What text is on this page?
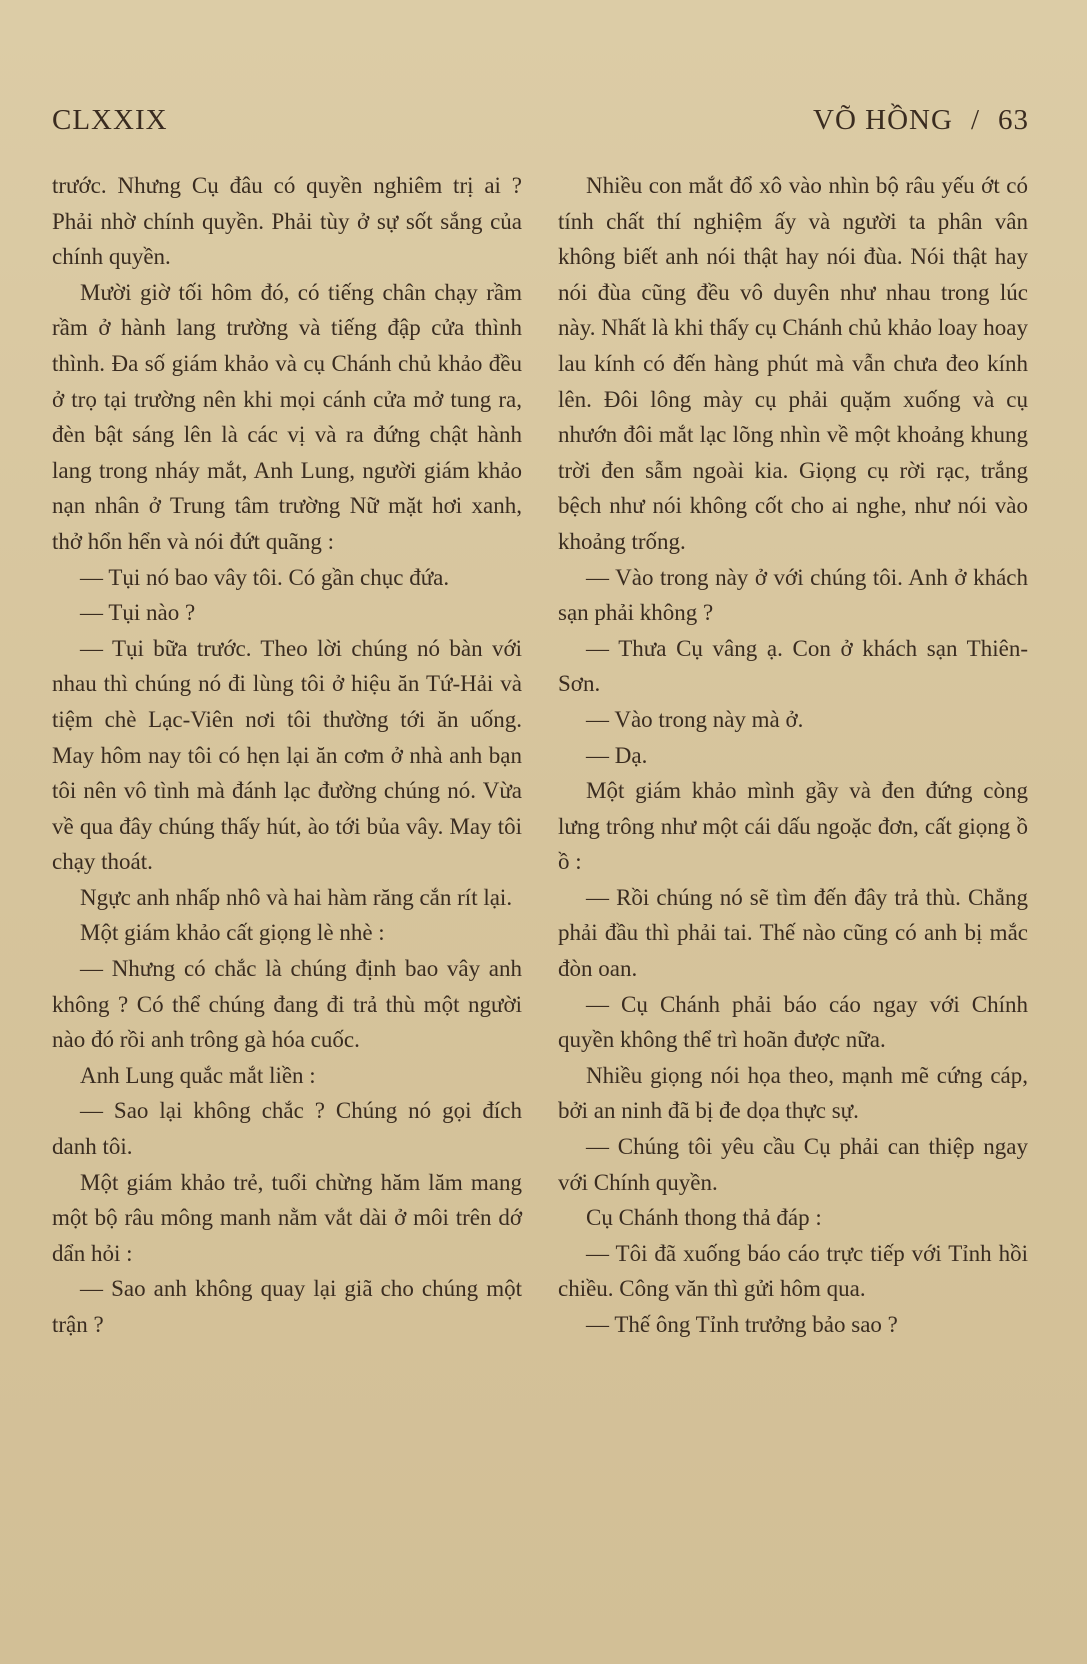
CLXXIX	VÕ HỒNG / 63

trước. Nhưng Cụ đâu có quyền nghiêm trị ai ? Phải nhờ chính quyền. Phải tùy ở sự sốt sắng của chính quyền.

Mười giờ tối hôm đó, có tiếng chân chạy rầm rầm ở hành lang trường và tiếng đập cửa thình thình. Đa số giám khảo và cụ Chánh chủ khảo đều ở trọ tại trường nên khi mọi cánh cửa mở tung ra, đèn bật sáng lên là các vị và ra đứng chật hành lang trong nháy mắt, Anh Lung, người giám khảo nạn nhân ở Trung tâm trường Nữ mặt hơi xanh, thở hổn hển và nói đứt quãng :

— Tụi nó bao vây tôi. Có gần chục đứa.

— Tụi nào ?

— Tụi bữa trước. Theo lời chúng nó bàn với nhau thì chúng nó đi lùng tôi ở hiệu ăn Tứ-Hải và tiệm chè Lạc-Viên nơi tôi thường tới ăn uống. May hôm nay tôi có hẹn lại ăn cơm ở nhà anh bạn tôi nên vô tình mà đánh lạc đường chúng nó. Vừa về qua đây chúng thấy hút, ào tới bủa vây. May tôi chạy thoát.

Ngực anh nhấp nhô và hai hàm răng cắn rít lại.

Một giám khảo cất giọng lè nhè :

— Nhưng có chắc là chúng định bao vây anh không ? Có thể chúng đang đi trả thù một người nào đó rồi anh trông gà hóa cuốc.

Anh Lung quắc mắt liền :

— Sao lại không chắc ? Chúng nó gọi đích danh tôi.

Một giám khảo trẻ, tuổi chừng hăm lăm mang một bộ râu mông manh nằm vắt dài ở môi trên dớ dẩn hỏi :

— Sao anh không quay lại giã cho chúng một trận ?

Nhiều con mắt đổ xô vào nhìn bộ râu yếu ớt có tính chất thí nghiệm ấy và người ta phân vân không biết anh nói thật hay nói đùa. Nói thật hay nói đùa cũng đều vô duyên như nhau trong lúc này. Nhất là khi thấy cụ Chánh chủ khảo loay hoay lau kính có đến hàng phút mà vẫn chưa đeo kính lên. Đôi lông mày cụ phải quặm xuống và cụ nhướn đôi mắt lạc lõng nhìn về một khoảng khung trời đen sẫm ngoài kia. Giọng cụ rời rạc, trắng bệch như nói không cốt cho ai nghe, như nói vào khoảng trống.

— Vào trong này ở với chúng tôi. Anh ở khách sạn phải không ?

— Thưa Cụ vâng ạ. Con ở khách sạn Thiên-Sơn.

— Vào trong này mà ở.

— Dạ.

Một giám khảo mình gầy và đen đứng còng lưng trông như một cái dấu ngoặc đơn, cất giọng ồ ồ :

— Rồi chúng nó sẽ tìm đến đây trả thù. Chẳng phải đầu thì phải tai. Thế nào cũng có anh bị mắc đòn oan.

— Cụ Chánh phải báo cáo ngay với Chính quyền không thể trì hoãn được nữa.

Nhiều giọng nói họa theo, mạnh mẽ cứng cáp, bởi an ninh đã bị đe dọa thực sự.

— Chúng tôi yêu cầu Cụ phải can thiệp ngay với Chính quyền.

Cụ Chánh thong thả đáp :

— Tôi đã xuống báo cáo trực tiếp với Tỉnh hồi chiều. Công văn thì gửi hôm qua.

— Thế ông Tỉnh trưởng bảo sao ?
